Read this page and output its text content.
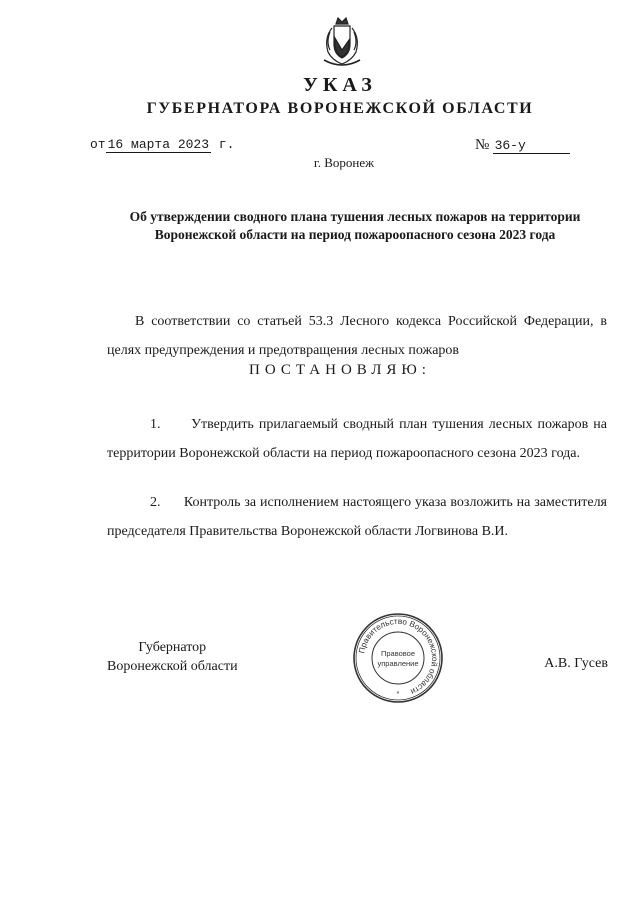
УКАЗ
ГУБЕРНАТОРА ВОРОНЕЖСКОЙ ОБЛАСТИ
от 16 марта 2023 г.	№ 36-у
г. Воронеж
Об утверждении сводного плана тушения лесных пожаров на территории Воронежской области на период пожароопасного сезона 2023 года
В соответствии со статьей 53.3 Лесного кодекса Российской Федерации, в целях предупреждения и предотвращения лесных пожаров
ПОСТАНОВЛЯЮ:
1. Утвердить прилагаемый сводный план тушения лесных пожаров на территории Воронежской области на период пожароопасного сезона 2023 года.
2. Контроль за исполнением настоящего указа возложить на заместителя председателя Правительства Воронежской области Логвинова В.И.
Губернатор
Воронежской области
Правительство Воронежской области
Правовое
управление
*
А.В. Гусев
